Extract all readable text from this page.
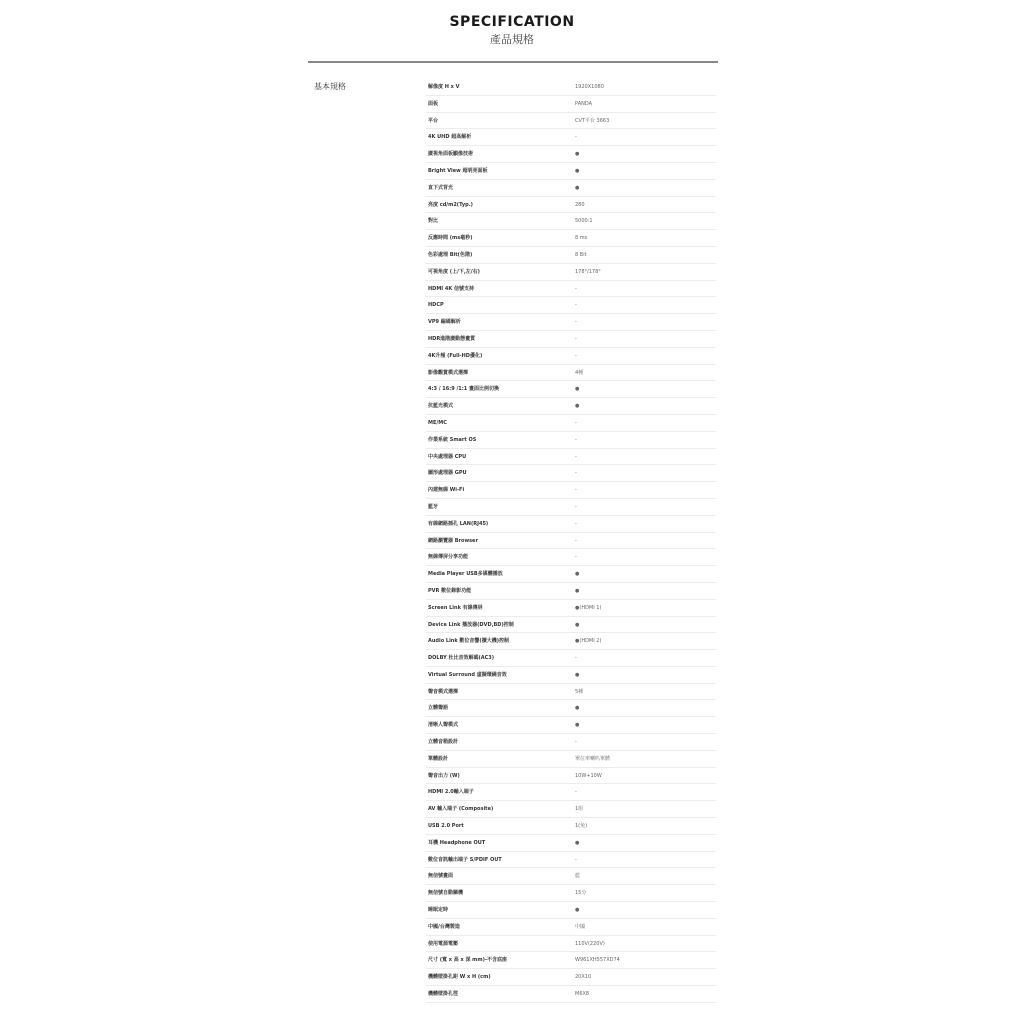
SPECIFICATION
產品規格
基本規格	解像度 H x V	1920X1080
面板	PANDA
平台	CVT平台 3663
4K UHD 超高解析	-
廣視角面板顯像技術	●
Bright View 超明亮面板	●
直下式背光	●
亮度 cd/m2(Typ.)	280
對比	5000:1
反應時間 (ms毫秒)	8 ms
色彩處理 Bit(色階)	8 Bit
可視角度 (上/下,左/右)	178°/178°
HDMI 4K 信號支持	-
HDCP	-
VP9 編碼解析	-
HDR進階廣動態畫質	-
4K升頻 (Full-HD優化)	-
影像觀賞模式選擇	4種
4:3 / 16:9 /1:1 畫面比例切換	●
抗藍光模式	●
ME/MC	-
作業系統 Smart OS	-
中央處理器 CPU	-
圖形處理器 GPU	-
內建無線 Wi-Fi	-
藍牙	-
有線網路插孔 LAN(RJ45)	-
網路瀏覽器 Browser	-
無線傳屏分享功能	-
Media Player USB多媒體播放	●
PVR 數位錄影功能	●
Screen Link 有線傳屏	●(HDMI 1)
Device Link 播放器(DVD,BD)控制	●
Audio Link 數位音響(擴大機)控制	●(HDMI 2)
DOLBY 杜比音效解碼(AC3)	-
Virtual Surround 虛擬環繞音效	●
聲音模式選擇	5種
立體聲語	●
清晰人聲模式	●
立體音箱設計	-
單體設計	單位率喇叭單體
聲音出力 (W)	10W+10W
HDMI 2.0輸入端子	-
AV 輸入端子 (Composite)	1組
USB 2.0 Port	1(免)
耳機 Headphone OUT	●
數位音訊輸出端子 S/PDIF OUT	-
無信號畫面	藍
無信號自動關機	15分
睡眠定時	●
中國/台灣製造	中國
使用電源電壓	110V(220V)
尺寸 (寬 x 高 x 深 mm)-不含底座	W961XH557XD74
機體壁掛孔距 W x H (cm)	20X10
機體壁掛孔徑	M6X8
